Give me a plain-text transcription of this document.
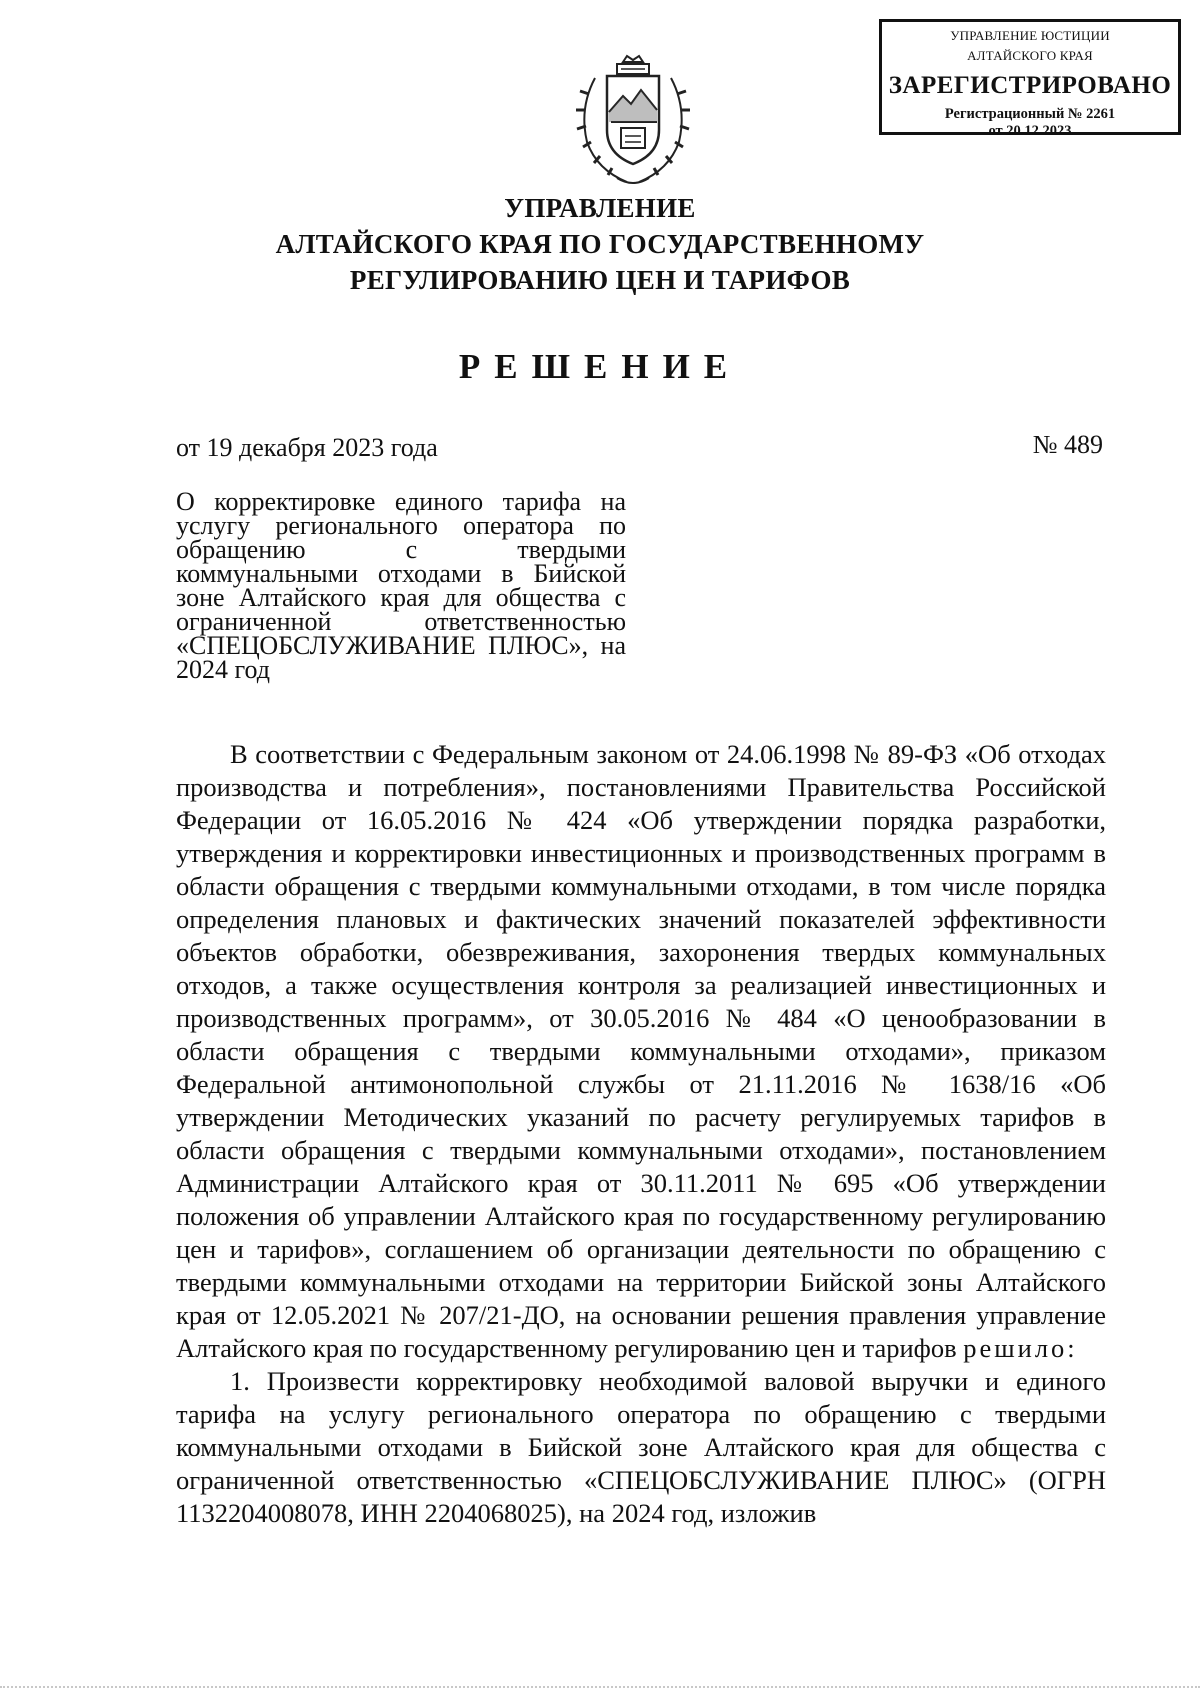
УПРАВЛЕНИЕ ЮСТИЦИИ
АЛТАЙСКОГО КРАЯ
ЗАРЕГИСТРИРОВАНО
Регистрационный № 2261
от 20.12.2023
УПРАВЛЕНИЕ
АЛТАЙСКОГО КРАЯ ПО ГОСУДАРСТВЕННОМУ
РЕГУЛИРОВАНИЮ ЦЕН И ТАРИФОВ
РЕШЕНИЕ
от 19 декабря 2023 года	№ 489
О корректировке единого тарифа на услугу регионального оператора по обращению с твердыми коммунальными отходами в Бийской зоне Алтайского края для общества с ограниченной ответственностью «СПЕЦОБСЛУЖИВАНИЕ ПЛЮС», на 2024 год

В соответствии с Федеральным законом от 24.06.1998 № 89-ФЗ «Об отходах производства и потребления», постановлениями Правительства Российской Федерации от 16.05.2016 № 424 «Об утверждении порядка разработки, утверждения и корректировки инвестиционных и производственных программ в области обращения с твердыми коммунальными отходами, в том числе порядка определения плановых и фактических значений показателей эффективности объектов обработки, обезвреживания, захоронения твердых коммунальных отходов, а также осуществления контроля за реализацией инвестиционных и производственных программ», от 30.05.2016 № 484 «О ценообразовании в области обращения с твердыми коммунальными отходами», приказом Федеральной антимонопольной службы от 21.11.2016 № 1638/16 «Об утверждении Методических указаний по расчету регулируемых тарифов в области обращения с твердыми коммунальными отходами», постановлением Администрации Алтайского края от 30.11.2011 № 695 «Об утверждении положения об управлении Алтайского края по государственному регулированию цен и тарифов», соглашением об организации деятельности по обращению с твердыми коммунальными отходами на территории Бийской зоны Алтайского края от 12.05.2021 № 207/21-ДО, на основании решения правления управление Алтайского края по государственному регулированию цен и тарифов решило:

1. Произвести корректировку необходимой валовой выручки и единого тарифа на услугу регионального оператора по обращению с твердыми коммунальными отходами в Бийской зоне Алтайского края для общества с ограниченной ответственностью «СПЕЦОБСЛУЖИВАНИЕ ПЛЮС» (ОГРН 1132204008078, ИНН 2204068025), на 2024 год, изложив
